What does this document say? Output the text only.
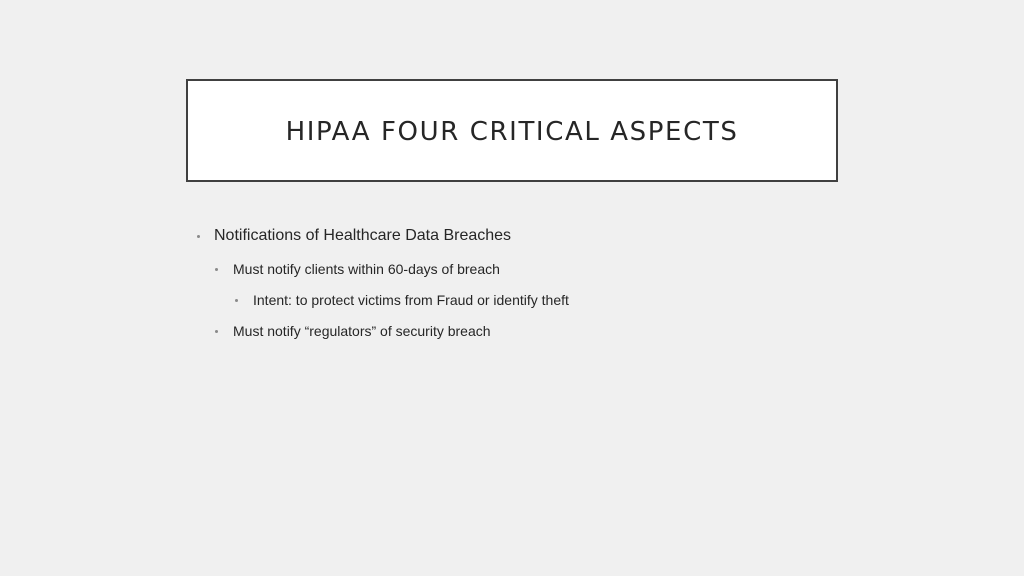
HIPAA FOUR CRITICAL ASPECTS
Notifications of Healthcare Data Breaches
Must notify clients within 60-days of breach
Intent: to protect victims from Fraud or identify theft
Must notify “regulators” of security breach
